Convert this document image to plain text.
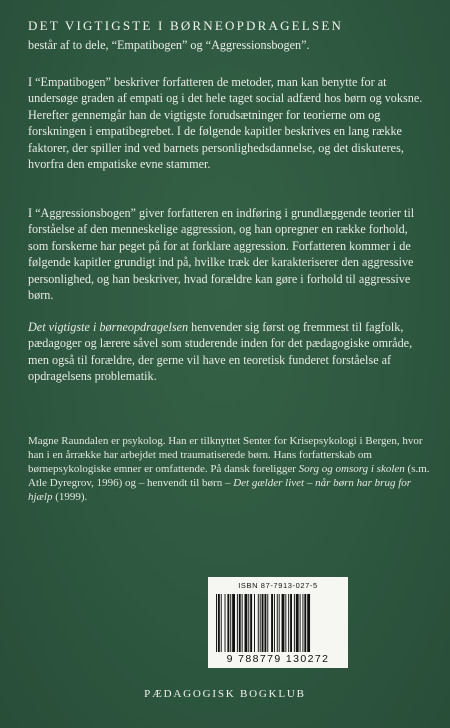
DET VIGTIGSTE I BØRNEOPDRAGELSEN

består af to dele, “Empatibogen” og “Aggressionsbogen”.

I “Empatibogen” beskriver forfatteren de metoder, man kan benytte for at undersøge graden af empati og i det hele taget social adfærd hos børn og voksne. Herefter gennemgår han de vigtigste forudsætninger for teorierne om og forskningen i empatibegrebet. I de følgende kapitler beskrives en lang række faktorer, der spiller ind ved barnets personlighedsdannelse, og det diskuteres, hvorfra den empatiske evne stammer.

I “Aggressionsbogen” giver forfatteren en indføring i grundlæggende teorier til forståelse af den menneskelige aggression, og han opregner en række forhold, som forskerne har peget på for at forklare aggression. Forfatteren kommer i de følgende kapitler grundigt ind på, hvilke træk der karakteriserer den aggressive personlighed, og han beskriver, hvad forældre kan gøre i forhold til aggressive børn.

Det vigtigste i børneopdragelsen henvender sig først og fremmest til fagfolk, pædagoger og lærere såvel som studerende inden for det pædagogiske område, men også til forældre, der gerne vil have en teoretisk funderet forståelse af opdragelsens problematik.

Magne Raundalen er psykolog. Han er tilknyttet Senter for Krisepsykologi i Bergen, hvor han i en årrække har arbejdet med traumatiserede børn. Hans forfatterskab om børnepsykologiske emner er omfattende. På dansk foreligger Sorg og omsorg i skolen (s.m. Atle Dyregrov, 1996) og – henvendt til børn – Det gælder livet – når børn har brug for hjælp (1999).

ISBN 87-7913-027-5
9 788779 130272
PÆDAGOGISK BOGKLUB
